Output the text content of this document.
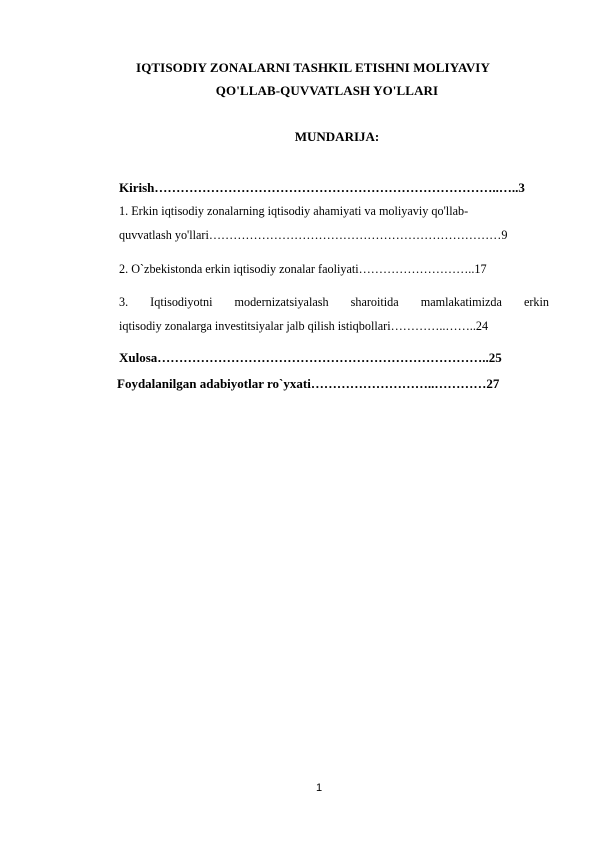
IQTISODIY ZONALARNI TASHKIL ETISHNI MOLIYAVIY
QO'LLAB-QUVVATLASH YO'LLARI
MUNDARIJA:
Kirish……………………………………………………………………..…..3
1. Erkin iqtisodiy zonalarning iqtisodiy ahamiyati va moliyaviy qo'llab-
quvvatlash yo'llari………………………………………………………………9
2. O`zbekistonda erkin iqtisodiy zonalar faoliyati………………………..17
3. Iqtisodiyotni modernizatsiyalash sharoitida mamlakatimizda erkin
iqtisodiy zonalarga investitsiyalar jalb qilish istiqbollari…………..……..24
Xulosa…………………………………………………………………..25
Foydalanilgan adabiyotlar ro`yxati………………………..…………27
1
